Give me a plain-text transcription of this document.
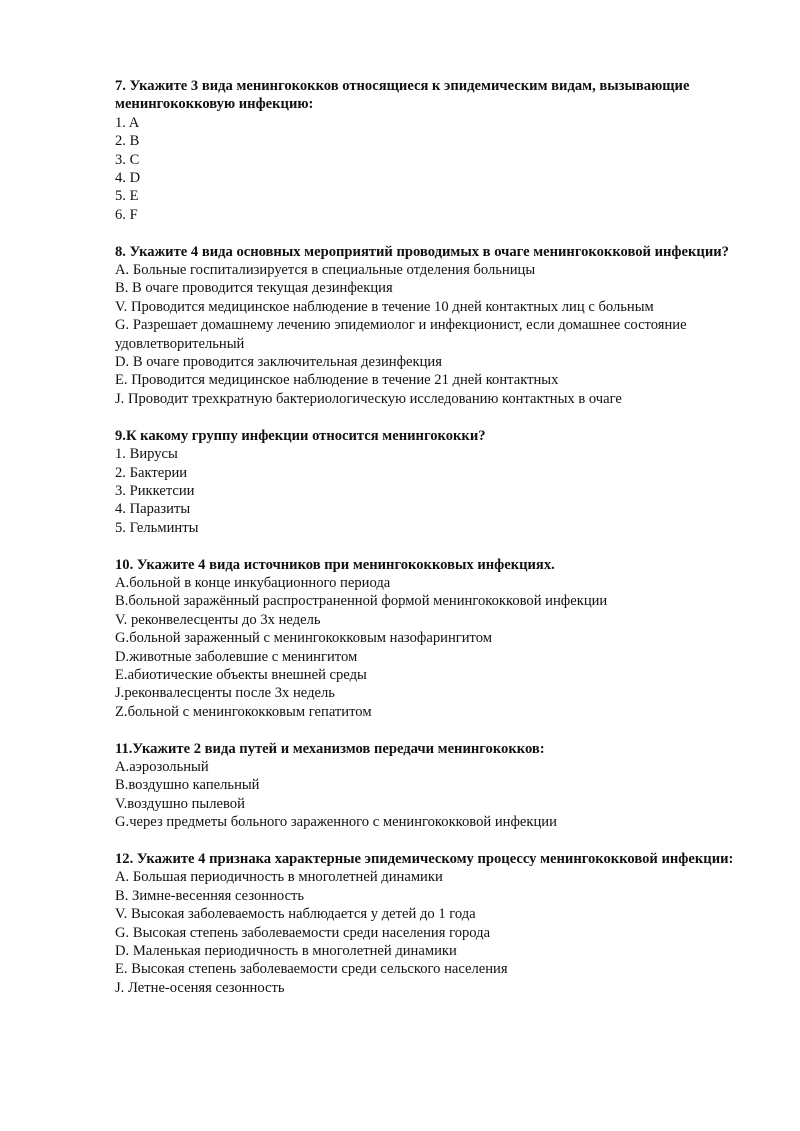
7. Укажите 3 вида менингококков относящиеся к эпидемическим видам, вызывающие менингококковую инфекцию:

1. A

2. B

3. C

4. D

5. E

6. F

8. Укажите 4 вида основных мероприятий проводимых в очаге менингококковой инфекции?

A. Больные госпитализируется в специальные отделения больницы

B. В очаге проводится текущая дезинфекция

V. Проводится медицинское наблюдение в течение 10 дней контактных лиц с больным

G. Разрешает домашнему лечению эпидемиолог и инфекционист, если домашнее состояние удовлетворительный

D. В очаге проводится заключительная дезинфекция

E. Проводится медицинское наблюдение в течение 21 дней контактных

J. Проводит трехкратную бактериологическую исследованию контактных в очаге

9.К какому группу инфекции относится менингококки?

1. Вирусы

2. Бактерии

3. Риккетсии

4. Паразиты

5. Гельминты

10. Укажите 4 вида источников при менингококковых инфекциях.

A.больной в конце инкубационного периода

B.больной заражённый распространенной формой менингококковой инфекции

V. реконвелесценты до 3х недель

G.больной зараженный с менингококковым назофарингитом

D.животные заболевшие с менингитом

E.абиотические объекты внешней среды

J.реконвалесценты после 3х недель

Z.больной с менингококковым гепатитом

11.Укажите 2 вида путей и механизмов передачи менингококков:

A.аэрозольный

B.воздушно капельный

V.воздушно пылевой

G.через предметы больного зараженного с менингококковой инфекции

12. Укажите 4 признака характерные эпидемическому процессу менингококковой инфекции:

A. Большая периодичность в многолетней динамики

B. Зимне-весенняя сезонность

V. Высокая заболеваемость наблюдается у детей до 1 года

G. Высокая степень заболеваемости среди населения города

D. Маленькая периодичность в многолетней динамики

E. Высокая степень заболеваемости среди сельского населения

J. Летне-осеняя сезонность
